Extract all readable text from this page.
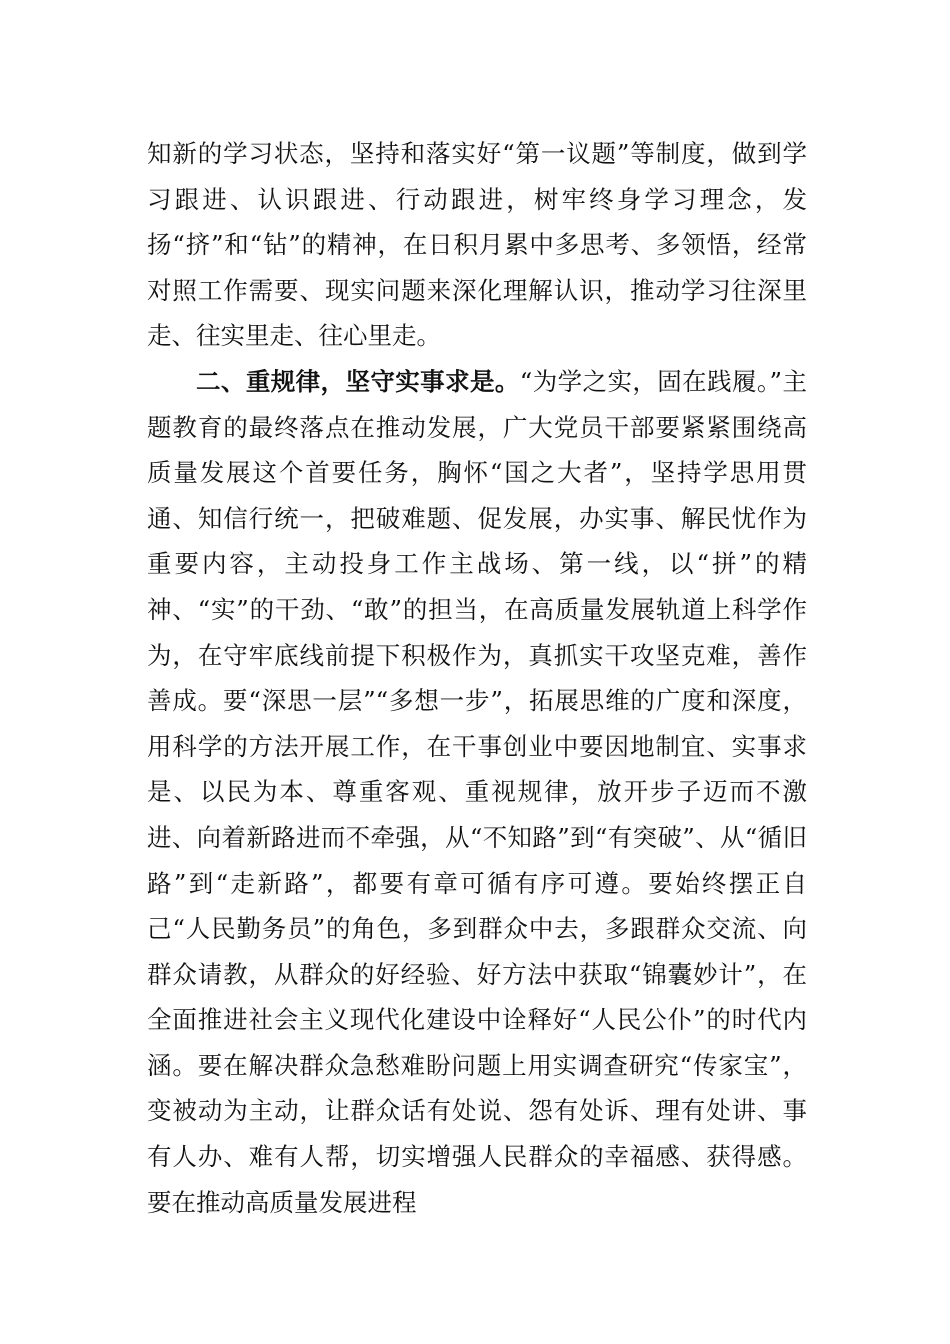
知新的学习状态，坚持和落实好“第一议题”等制度，做到学习跟进、认识跟进、行动跟进，树牢终身学习理念，发扬“挤”和“钻”的精神，在日积月累中多思考、多领悟，经常对照工作需要、现实问题来深化理解认识，推动学习往深里走、往实里走、往心里走。

二、重规律，坚守实事求是。“为学之实，固在践履。”主题教育的最终落点在推动发展，广大党员干部要紧紧围绕高质量发展这个首要任务，胸怀“国之大者”，坚持学思用贯通、知信行统一，把破难题、促发展，办实事、解民忧作为重要内容，主动投身工作主战场、第一线，以“拼”的精神、“实”的干劲、“敢”的担当，在高质量发展轨道上科学作为，在守牢底线前提下积极作为，真抓实干攻坚克难，善作善成。要“深思一层”“多想一步”，拓展思维的广度和深度，用科学的方法开展工作，在干事创业中要因地制宜、实事求是、以民为本、尊重客观、重视规律，放开步子迈而不激进、向着新路进而不牵强，从“不知路”到“有突破”、从“循旧路”到“走新路”，都要有章可循有序可遵。要始终摆正自己“人民勤务员”的角色，多到群众中去，多跟群众交流、向群众请教，从群众的好经验、好方法中获取“锦囊妙计”，在全面推进社会主义现代化建设中诠释好“人民公仆”的时代内涵。要在解决群众急愁难盼问题上用实调查研究“传家宝”，变被动为主动，让群众话有处说、怨有处诉、理有处讲、事有人办、难有人帮，切实增强人民群众的幸福感、获得感。要在推动高质量发展进程
